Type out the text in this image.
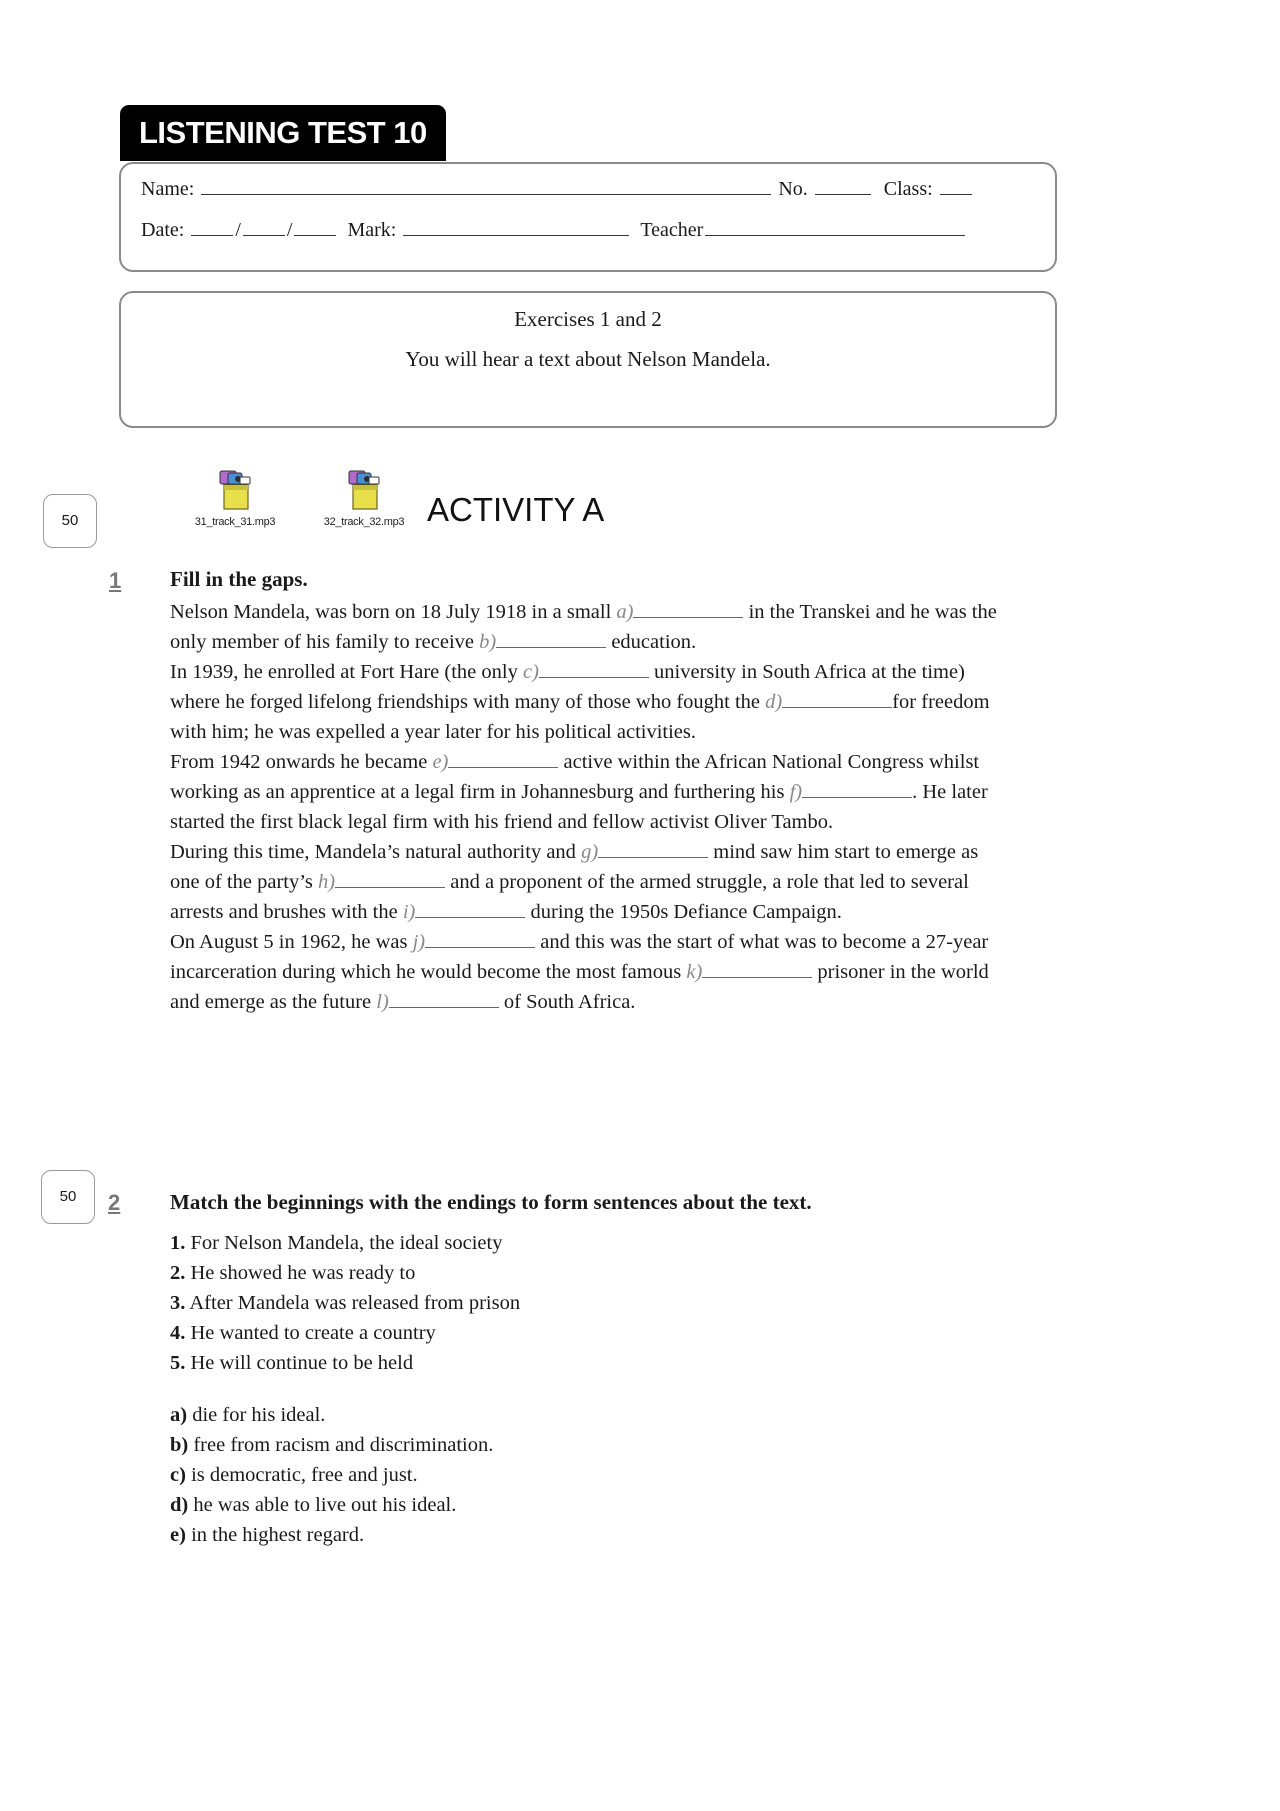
LISTENING TEST 10
Name:	No.	Class:
Date:	/ /	Mark:	Teacher
Exercises 1 and 2
You will hear a text about Nelson Mandela.
50	31_track_31.mp3	32_track_32.mp3 ACTIVITY A
1 Fill in the gaps.

Nelson Mandela, was born on 18 July 1918 in a small a)	in the Transkei and he was the only member of his family to receive b)	education.

In 1939, he enrolled at Fort Hare (the only c)	university in South Africa at the time) where he forged lifelong friendships with many of those who fought the d)	for freedom with him; he was expelled a year later for his political activities.

From 1942 onwards he became e)	active within the African National Congress whilst working as an apprentice at a legal firm in Johannesburg and furthering his f)	. He later started the first black legal firm with his friend and fellow activist Oliver Tambo.

During this time, Mandela’s natural authority and g)	mind saw him start to emerge as one of the party’s h)	and a proponent of the armed struggle, a role that led to several arrests and brushes with the i)	during the 1950s Defiance Campaign.

On August 5 in 1962, he was j)	and this was the start of what was to become a 27-year incarceration during which he would become the most famous k)	prisoner in the world and emerge as the future l)	of South Africa.

50	2 Match the beginnings with the endings to form sentences about the text.
1. For Nelson Mandela, the ideal society
2. He showed he was ready to
3. After Mandela was released from prison
4. He wanted to create a country
5. He will continue to be held
a) die for his ideal.
b) free from racism and discrimination.
c) is democratic, free and just.
d) he was able to live out his ideal.
e) in the highest regard.
